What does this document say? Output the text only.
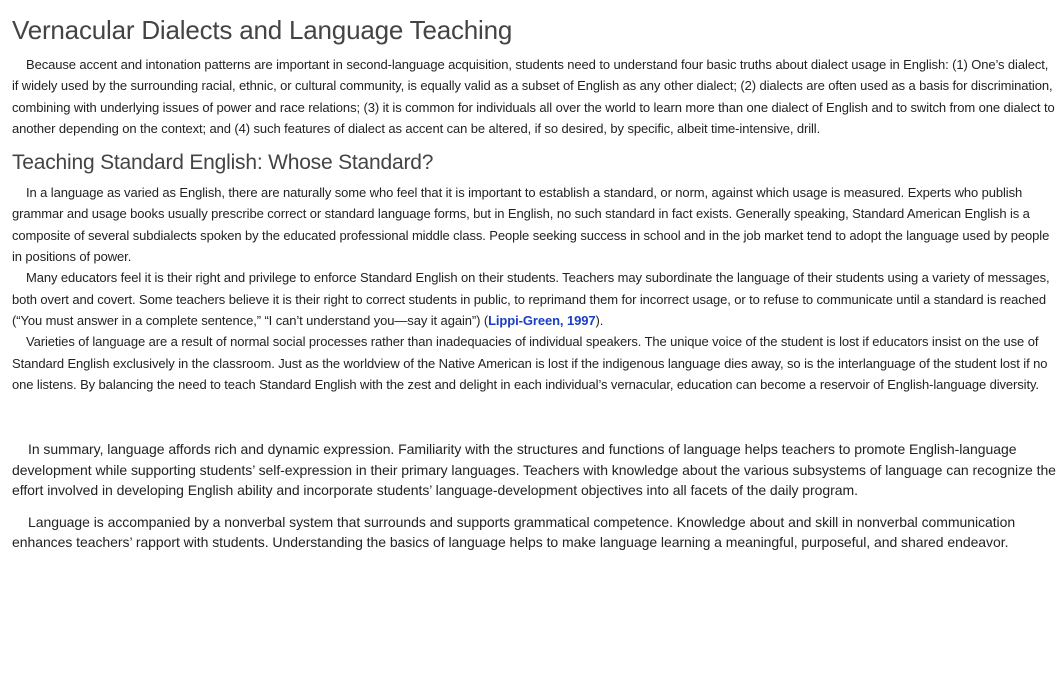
Vernacular Dialects and Language Teaching

Because accent and intonation patterns are important in second-language acquisition, students need to understand four basic truths about dialect usage in English: (1) One’s dialect, if widely used by the surrounding racial, ethnic, or cultural community, is equally valid as a subset of English as any other dialect; (2) dialects are often used as a basis for discrimination, combining with underlying issues of power and race relations; (3) it is common for individuals all over the world to learn more than one dialect of English and to switch from one dialect to another depending on the context; and (4) such features of dialect as accent can be altered, if so desired, by specific, albeit time-intensive, drill.

Teaching Standard English: Whose Standard?

In a language as varied as English, there are naturally some who feel that it is important to establish a standard, or norm, against which usage is measured. Experts who publish grammar and usage books usually prescribe correct or standard language forms, but in English, no such standard in fact exists. Generally speaking, Standard American English is a composite of several subdialects spoken by the educated professional middle class. People seeking success in school and in the job market tend to adopt the language used by people in positions of power.

Many educators feel it is their right and privilege to enforce Standard English on their students. Teachers may subordinate the language of their students using a variety of messages, both overt and covert. Some teachers believe it is their right to correct students in public, to reprimand them for incorrect usage, or to refuse to communicate until a standard is reached (“You must answer in a complete sentence,” “I can’t understand you—say it again”) (Lippi-Green, 1997).

Varieties of language are a result of normal social processes rather than inadequacies of individual speakers. The unique voice of the student is lost if educators insist on the use of Standard English exclusively in the classroom. Just as the worldview of the Native American is lost if the indigenous language dies away, so is the interlanguage of the student lost if no one listens. By balancing the need to teach Standard English with the zest and delight in each individual’s vernacular, education can become a reservoir of English-language diversity.

In summary, language affords rich and dynamic expression. Familiarity with the structures and functions of language helps teachers to promote English-language development while supporting students’ self-expression in their primary languages. Teachers with knowledge about the various subsystems of language can recognize the effort involved in developing English ability and incorporate students’ language-development objectives into all facets of the daily program.

Language is accompanied by a nonverbal system that surrounds and supports grammatical competence. Knowledge about and skill in nonverbal communication enhances teachers’ rapport with students. Understanding the basics of language helps to make language learning a meaningful, purposeful, and shared endeavor.
